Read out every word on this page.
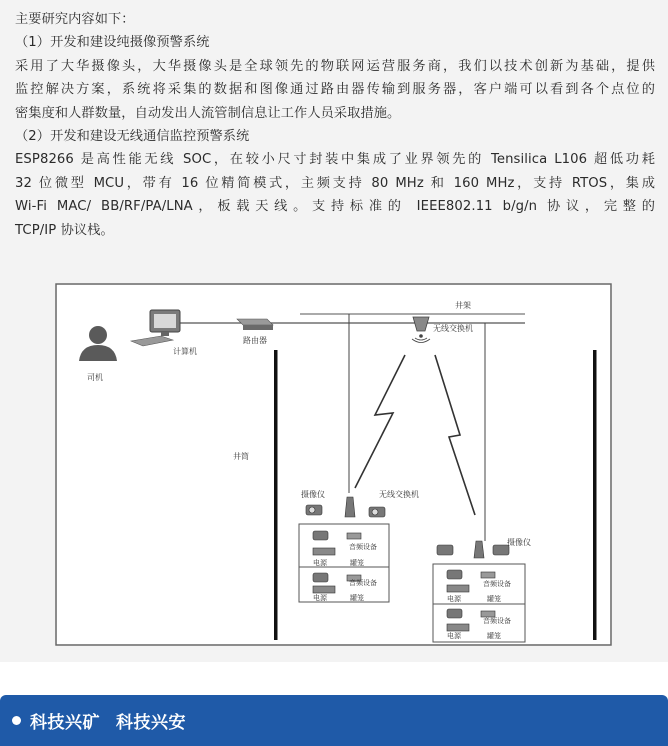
主要研究内容如下：

（1）开发和建设纯摄像预警系统

采用了大华摄像头，大华摄像头是全球领先的物联网运营服务商，我们以技术创新为基础，提供

监控解决方案，系统将采集的数据和图像通过路由器传输到服务器，客户端可以看到各个点位的

密集度和人群数量，自动发出人流管制信息让工作人员采取措施。

（2）开发和建设无线通信监控预警系统

ESP8266 是高性能无线 SOC，在较小尺寸封装中集成了业界领先的 Tensilica L106 超低功耗

32 位微型 MCU，带有 16 位精简模式，主频支持 80 MHz 和 160 MHz，支持 RTOS，集成

Wi-Fi MAC/ BB/RF/PA/LNA，板载天线。支持标准的 IEEE802.11 b/g/n 协议，完整的

TCP/IP 协议栈。

井架
井筒
司机
计算机
路由器
无线交换机
摄像仪	无线交换机
音频设备
电源	罐笼
音频设备
电源	罐笼
摄像仪
音频设备
电源	罐笼
音频设备
电源	罐笼
科技兴矿 科技兴安
